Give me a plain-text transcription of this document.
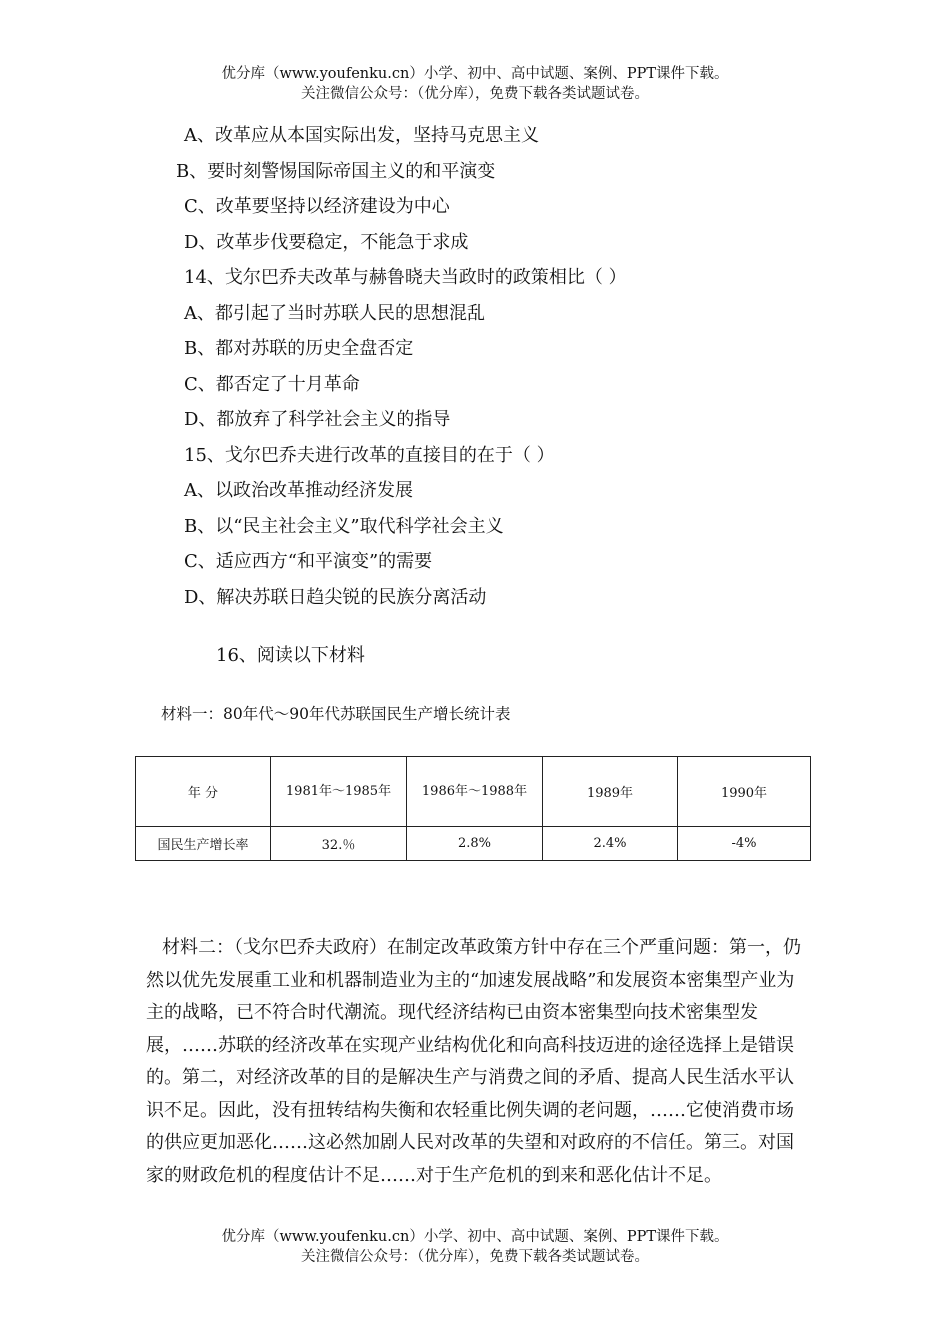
优分库（www.youfenku.cn）小学、初中、高中试题、案例、PPT课件下载。
关注微信公众号：（优分库），免费下载各类试题试卷。
A、改革应从本国实际出发，坚持马克思主义
B、要时刻警惕国际帝国主义的和平演变
C、改革要坚持以经济建设为中心
D、改革步伐要稳定，不能急于求成
14、戈尔巴乔夫改革与赫鲁晓夫当政时的政策相比（ ）
A、都引起了当时苏联人民的思想混乱
B、都对苏联的历史全盘否定
C、都否定了十月革命
D、都放弃了科学社会主义的指导
15、戈尔巴乔夫进行改革的直接目的在于（ ）
A、以政治改革推动经济发展
B、以“民主社会主义”取代科学社会主义
C、适应西方“和平演变”的需要
D、解决苏联日趋尖锐的民族分离活动
16、阅读以下材料
材料一：80年代～90年代苏联国民生产增长统计表
年 分	1981年～1985年	1986年～1988年	1989年	1990年
国民生产增长率	32.％	2.8%	2.4%	-4%

材料二：（戈尔巴乔夫政府）在制定改革政策方针中存在三个严重问题：第一，仍然以优先发展重工业和机器制造业为主的“加速发展战略”和发展资本密集型产业为主的战略，已不符合时代潮流。现代经济结构已由资本密集型向技术密集型发展，……苏联的经济改革在实现产业结构优化和向高科技迈进的途径选择上是错误的。第二，对经济改革的目的是解决生产与消费之间的矛盾、提高人民生活水平认识不足。因此，没有扭转结构失衡和农轻重比例失调的老问题，……它使消费市场的供应更加恶化……这必然加剧人民对改革的失望和对政府的不信任。第三。对国家的财政危机的程度估计不足……对于生产危机的到来和恶化估计不足。

优分库（www.youfenku.cn）小学、初中、高中试题、案例、PPT课件下载。
关注微信公众号：（优分库），免费下载各类试题试卷。
